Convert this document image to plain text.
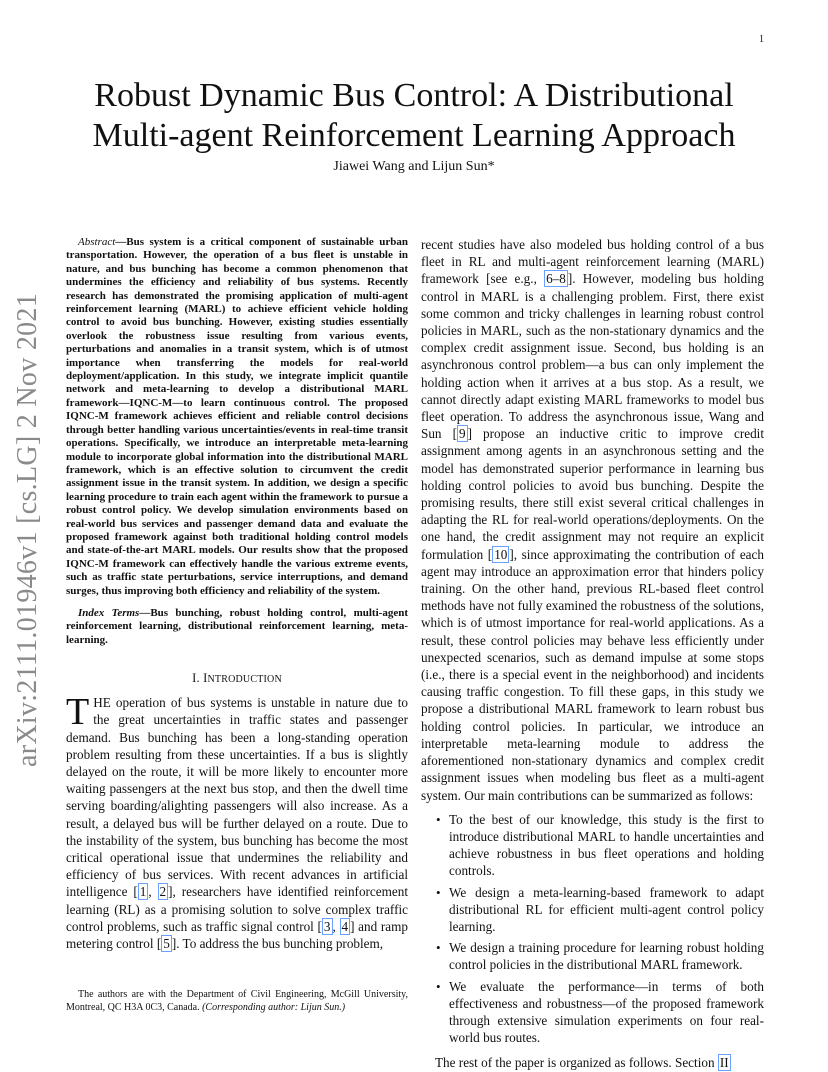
1
arXiv:2111.01946v1 [cs.LG] 2 Nov 2021
Robust Dynamic Bus Control: A Distributional
Multi-agent Reinforcement Learning Approach
Jiawei Wang and Lijun Sun*

Abstract—Bus system is a critical component of sustainable urban transportation. However, the operation of a bus fleet is unstable in nature, and bus bunching has become a common phenomenon that undermines the efficiency and reliability of bus systems. Recently research has demonstrated the promising application of multi-agent reinforcement learning (MARL) to achieve efficient vehicle holding control to avoid bus bunching. However, existing studies essentially overlook the robustness issue resulting from various events, perturbations and anomalies in a transit system, which is of utmost importance when transferring the models for real-world deployment/application. In this study, we integrate implicit quantile network and meta-learning to develop a distributional MARL framework—IQNC-M—to learn continuous control. The proposed IQNC-M framework achieves efficient and reliable control decisions through better handling various uncertainties/events in real-time transit operations. Specifically, we introduce an interpretable meta-learning module to incorporate global information into the distributional MARL framework, which is an effective solution to circumvent the credit assignment issue in the transit system. In addition, we design a specific learning procedure to train each agent within the framework to pursue a robust control policy. We develop simulation environments based on real-world bus services and passenger demand data and evaluate the proposed framework against both traditional holding control models and state-of-the-art MARL models. Our results show that the proposed IQNC-M framework can effectively handle the various extreme events, such as traffic state perturbations, service interruptions, and demand surges, thus improving both efficiency and reliability of the system.

Index Terms—Bus bunching, robust holding control, multi-agent reinforcement learning, distributional reinforcement learning, meta-learning.

I. INTRODUCTION

THE operation of bus systems is unstable in nature due to the great uncertainties in traffic states and passenger demand. Bus bunching has been a long-standing operation problem resulting from these uncertainties. If a bus is slightly delayed on the route, it will be more likely to encounter more waiting passengers at the next bus stop, and then the dwell time serving boarding/alighting passengers will also increase. As a result, a delayed bus will be further delayed on a route. Due to the instability of the system, bus bunching has become the most critical operational issue that undermines the reliability and efficiency of bus services. With recent advances in artificial intelligence [ 1 , 2 ], researchers have identified reinforcement learning (RL) as a promising solution to solve complex traffic control problems, such as traffic signal control [ 3 , 4 ] and ramp metering control [ 5 ]. To address the bus bunching problem,

recent studies have also modeled bus holding control of a bus fleet in RL and multi-agent reinforcement learning (MARL) framework [see e.g., 6–8 ]. However, modeling bus holding control in MARL is a challenging problem. First, there exist some common and tricky challenges in learning robust control policies in MARL, such as the non-stationary dynamics and the complex credit assignment issue. Second, bus holding is an asynchronous control problem—a bus can only implement the holding action when it arrives at a bus stop. As a result, we cannot directly adapt existing MARL frameworks to model bus fleet operation. To address the asynchronous issue, Wang and Sun [ 9 ] propose an inductive critic to improve credit assignment among agents in an asynchronous setting and the model has demonstrated superior performance in learning bus holding control policies to avoid bus bunching. Despite the promising results, there still exist several critical challenges in adapting the RL for real-world operations/deployments. On the one hand, the credit assignment may not require an explicit formulation [ 10 ], since approximating the contribution of each agent may introduce an approximation error that hinders policy training. On the other hand, previous RL-based fleet control methods have not fully examined the robustness of the solutions, which is of utmost importance for real-world applications. As a result, these control policies may behave less efficiently under unexpected scenarios, such as demand impulse at some stops (i.e., there is a special event in the neighborhood) and incidents causing traffic congestion. To fill these gaps, in this study we propose a distributional MARL framework to learn robust bus holding control policies. In particular, we introduce an interpretable meta-learning module to address the aforementioned non-stationary dynamics and complex credit assignment issues when modeling bus fleet as a multi-agent system. Our main contributions can be summarized as follows:

• To the best of our knowledge, this study is the first to introduce distributional MARL to handle uncertainties and achieve robustness in bus fleet operations and holding controls.
• We design a meta-learning-based framework to adapt distributional RL for efficient multi-agent control policy learning.
• We design a training procedure for learning robust holding control policies in the distributional MARL framework.
• We evaluate the performance—in terms of both effectiveness and robustness—of the proposed framework through extensive simulation experiments on four real-world bus routes.

The rest of the paper is organized as follows. Section II

The authors are with the Department of Civil Engineering, McGill University, Montreal, QC H3A 0C3, Canada. (Corresponding author: Lijun Sun.)
